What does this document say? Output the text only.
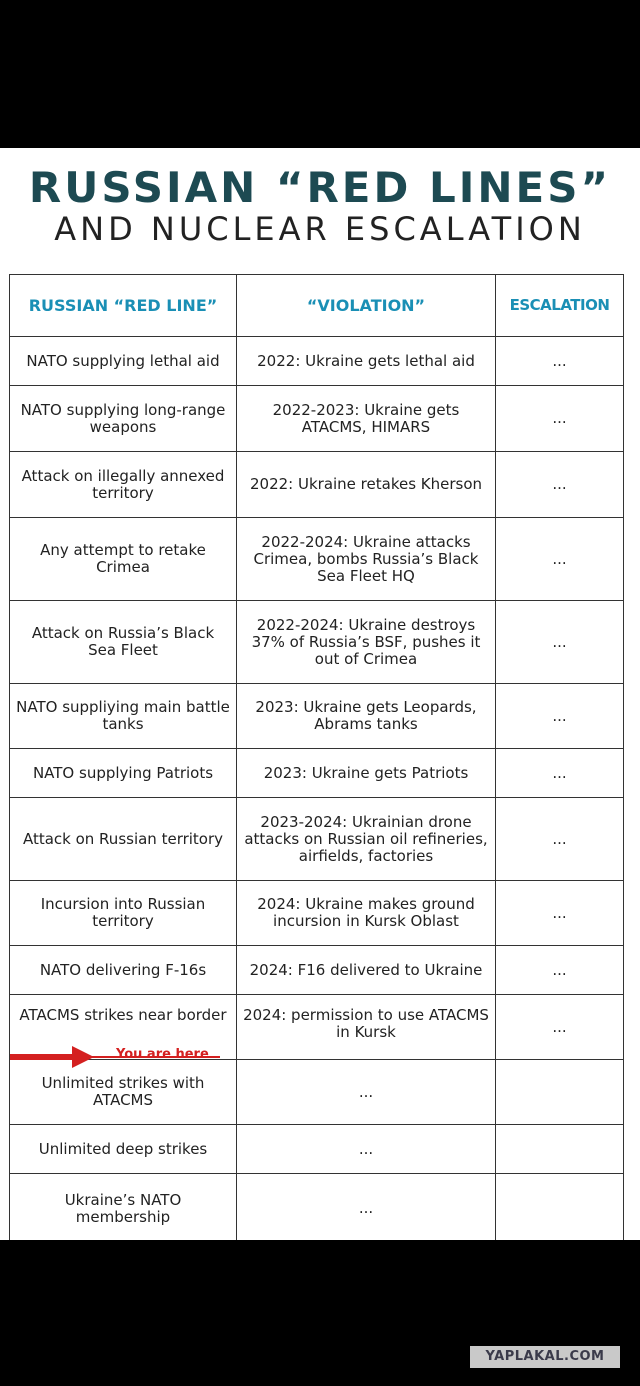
RUSSIAN “RED LINES”
AND NUCLEAR ESCALATION
RUSSIAN “RED LINE”	“VIOLATION”	ESCALATION
NATO supplying lethal aid	2022: Ukraine gets lethal aid	...
NATO supplying long-range weapons	2022-2023: Ukraine gets ATACMS, HIMARS	...
Attack on illegally annexed territory	2022: Ukraine retakes Kherson	...
Any attempt to retake Crimea	2022-2024: Ukraine attacks Crimea, bombs Russia’s Black Sea Fleet HQ	...
Attack on Russia’s Black Sea Fleet	2022-2024: Ukraine destroys 37% of Russia’s BSF, pushes it out of Crimea	...
NATO suppliying main battle tanks	2023: Ukraine gets Leopards, Abrams tanks	...
NATO supplying Patriots	2023: Ukraine gets Patriots	...
Attack on Russian territory	2023-2024: Ukrainian drone attacks on Russian oil refineries, airfields, factories	...
Incursion into Russian territory	2024: Ukraine makes ground incursion in Kursk Oblast	...
NATO delivering F-16s	2024: F16 delivered to Ukraine	...
ATACMS strikes near border	2024: permission to use ATACMS in Kursk	...
Unlimited strikes with ATACMS	...	
Unlimited deep strikes	...	
Ukraine’s NATO membership	...	
You are here
YAPLAKAL.COM
